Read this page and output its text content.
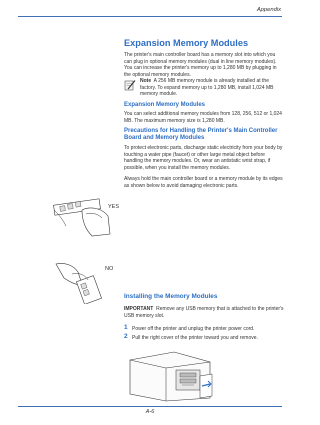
Appendix
Expansion Memory Modules

The printer's main controller board has a memory slot into which you can plug in optional memory modules (dual in line memory modules). You can increase the printer's memory up to 1,280 MB by plugging in the optional memory modules.

Note A 256 MB memory module is already installed at the factory. To expand memory up to 1,280 MB, install 1,024 MB memory module.

Expansion Memory Modules

You can select additional memory modules from 128, 256, 512 or 1,024 MB. The maximum memory size is 1,280 MB.

Precautions for Handling the Printer's Main Controller Board and Memory Modules

To protect electronic parts, discharge static electricity from your body by touching a water pipe (faucet) or other large metal object before handling the memory modules. Or, wear an antistatic wrist strap, if possible, when you install the memory modules.

Always hold the main controller board or a memory module by its edges as shown below to avoid damaging electronic parts.

YES
NO

Installing the Memory Modules

IMPORTANT Remove any USB memory that is attached to the printer's USB memory slot.

1 Power off the printer and unplug the printer power cord.
2 Pull the right cover of the printer toward you and remove.
A-6
